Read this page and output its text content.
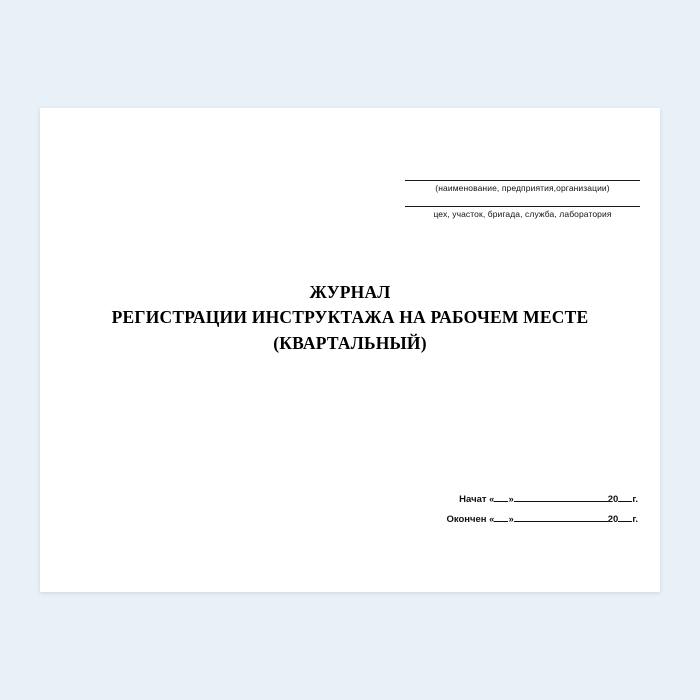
(наименование, предприятия,организации)
цех, участок, бригада, служба, лаборатория
ЖУРНАЛ
РЕГИСТРАЦИИ ИНСТРУКТАЖА НА РАБОЧЕМ МЕСТЕ
(КВАРТАЛЬНЫЙ)
Начат « »	20 г.
Окончен « »	20 г.
